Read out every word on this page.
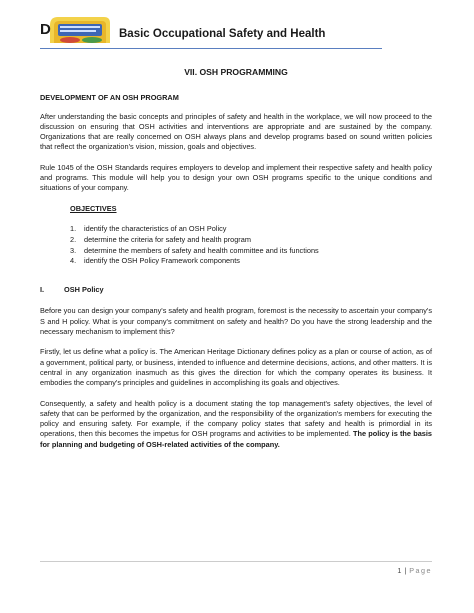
D	Basic Occupational Safety and Health
VII. OSH PROGRAMMING
DEVELOPMENT OF AN OSH PROGRAM

After understanding the basic concepts and principles of safety and health in the workplace, we will now proceed to the discussion on ensuring that OSH activities and interventions are appropriate and are sustained by the company. Organizations that are really concerned on OSH always plans and develop programs based on sound written policies that reflect the organization's vision, mission, goals and objectives.

Rule 1045 of the OSH Standards requires employers to develop and implement their respective safety and health policy and programs. This module will help you to design your own OSH programs specific to the unique conditions and situations of your company.

OBJECTIVES
1.	identify the characteristics of an OSH Policy
2.	determine the criteria for safety and health program
3.	determine the members of safety and health committee and its functions
4.	identify the OSH Policy Framework components
I.	OSH Policy

Before you can design your company's safety and health program, foremost is the necessity to ascertain your company's S and H policy. What is your company's commitment on safety and health? Do you have the strong leadership and the necessary mechanism to implement this?

Firstly, let us define what a policy is. The American Heritage Dictionary defines policy as a plan or course of action, as of a government, political party, or business, intended to influence and determine decisions, actions, and other matters. It is central in any organization inasmuch as this gives the direction for which the company operates its business. It embodies the company's principles and guidelines in accomplishing its goals and objectives.

Consequently, a safety and health policy is a document stating the top management's safety objectives, the level of safety that can be performed by the organization, and the responsibility of the organization's members for executing the policy and ensuring safety. For example, if the company policy states that safety and health is primordial in its operations, then this becomes the impetus for OSH programs and activities to be implemented. The policy is the basis for planning and budgeting of OSH-related activities of the company.

1 | Page
